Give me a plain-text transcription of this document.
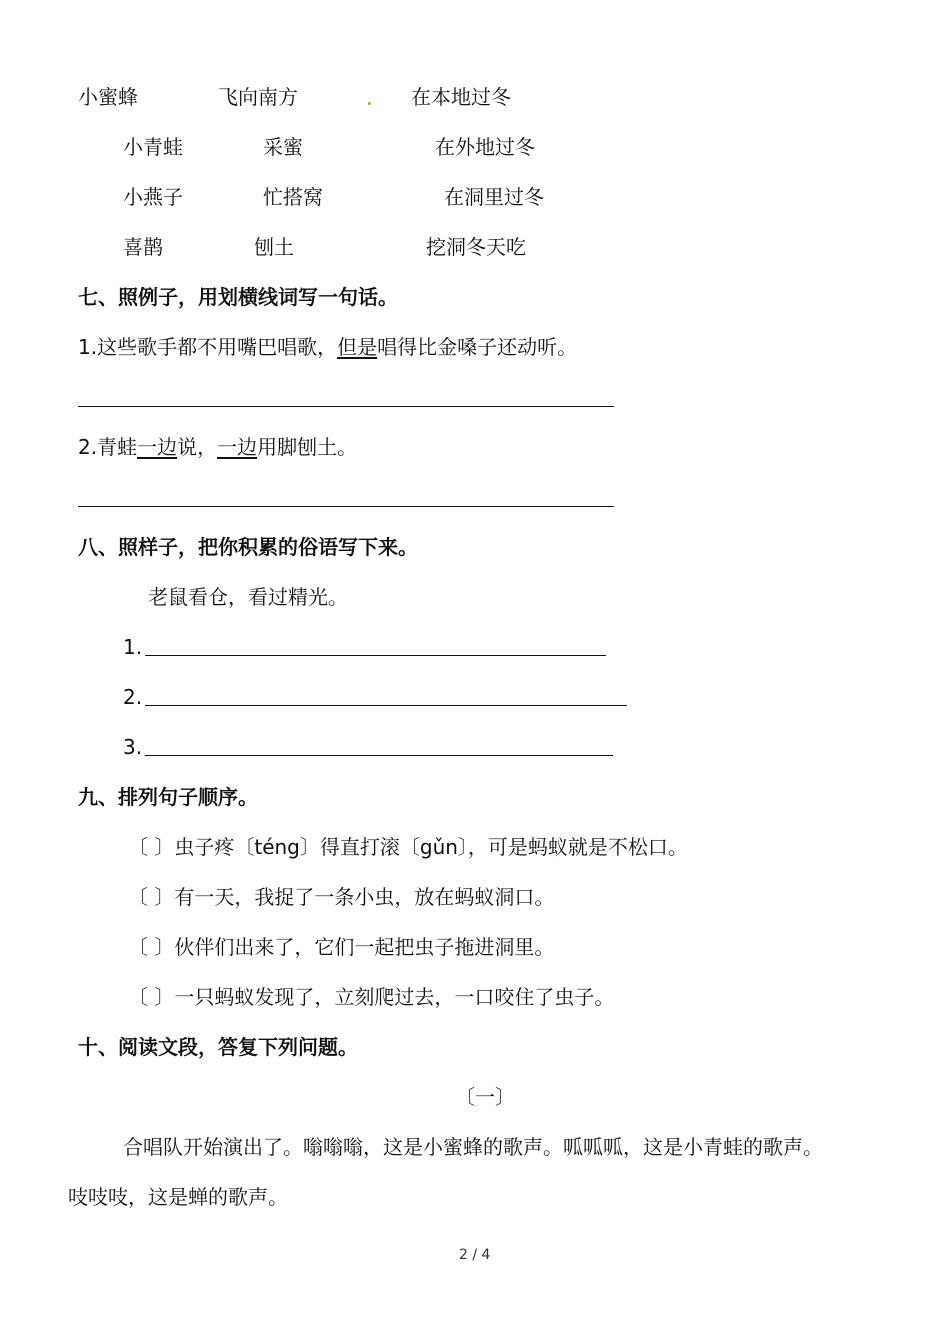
小蜜蜂	飞向南方	在本地过冬
小青蛙	采蜜	在外地过冬
小燕子	忙搭窝	在洞里过冬
喜鹊	刨土	挖洞冬天吃
七、照例子，用划横线词写一句话。
1.这些歌手都不用嘴巴唱歌，但是唱得比金嗓子还动听。
2.青蛙一边说，一边用脚刨土。
八、照样子，把你积累的俗语写下来。
老鼠看仓，看过精光。
1.
2.
3.
九、排列句子顺序。
〔 〕虫子疼〔téng〕得直打滚〔gǔn〕，可是蚂蚁就是不松口。
〔 〕有一天，我捉了一条小虫，放在蚂蚁洞口。
〔 〕伙伴们出来了，它们一起把虫子拖进洞里。
〔 〕一只蚂蚁发现了，立刻爬过去，一口咬住了虫子。
十、阅读文段，答复下列问题。
〔一〕
合唱队开始演出了。嗡嗡嗡，这是小蜜蜂的歌声。呱呱呱，这是小青蛙的歌声。
吱吱吱，这是蝉的歌声。
2 / 4
